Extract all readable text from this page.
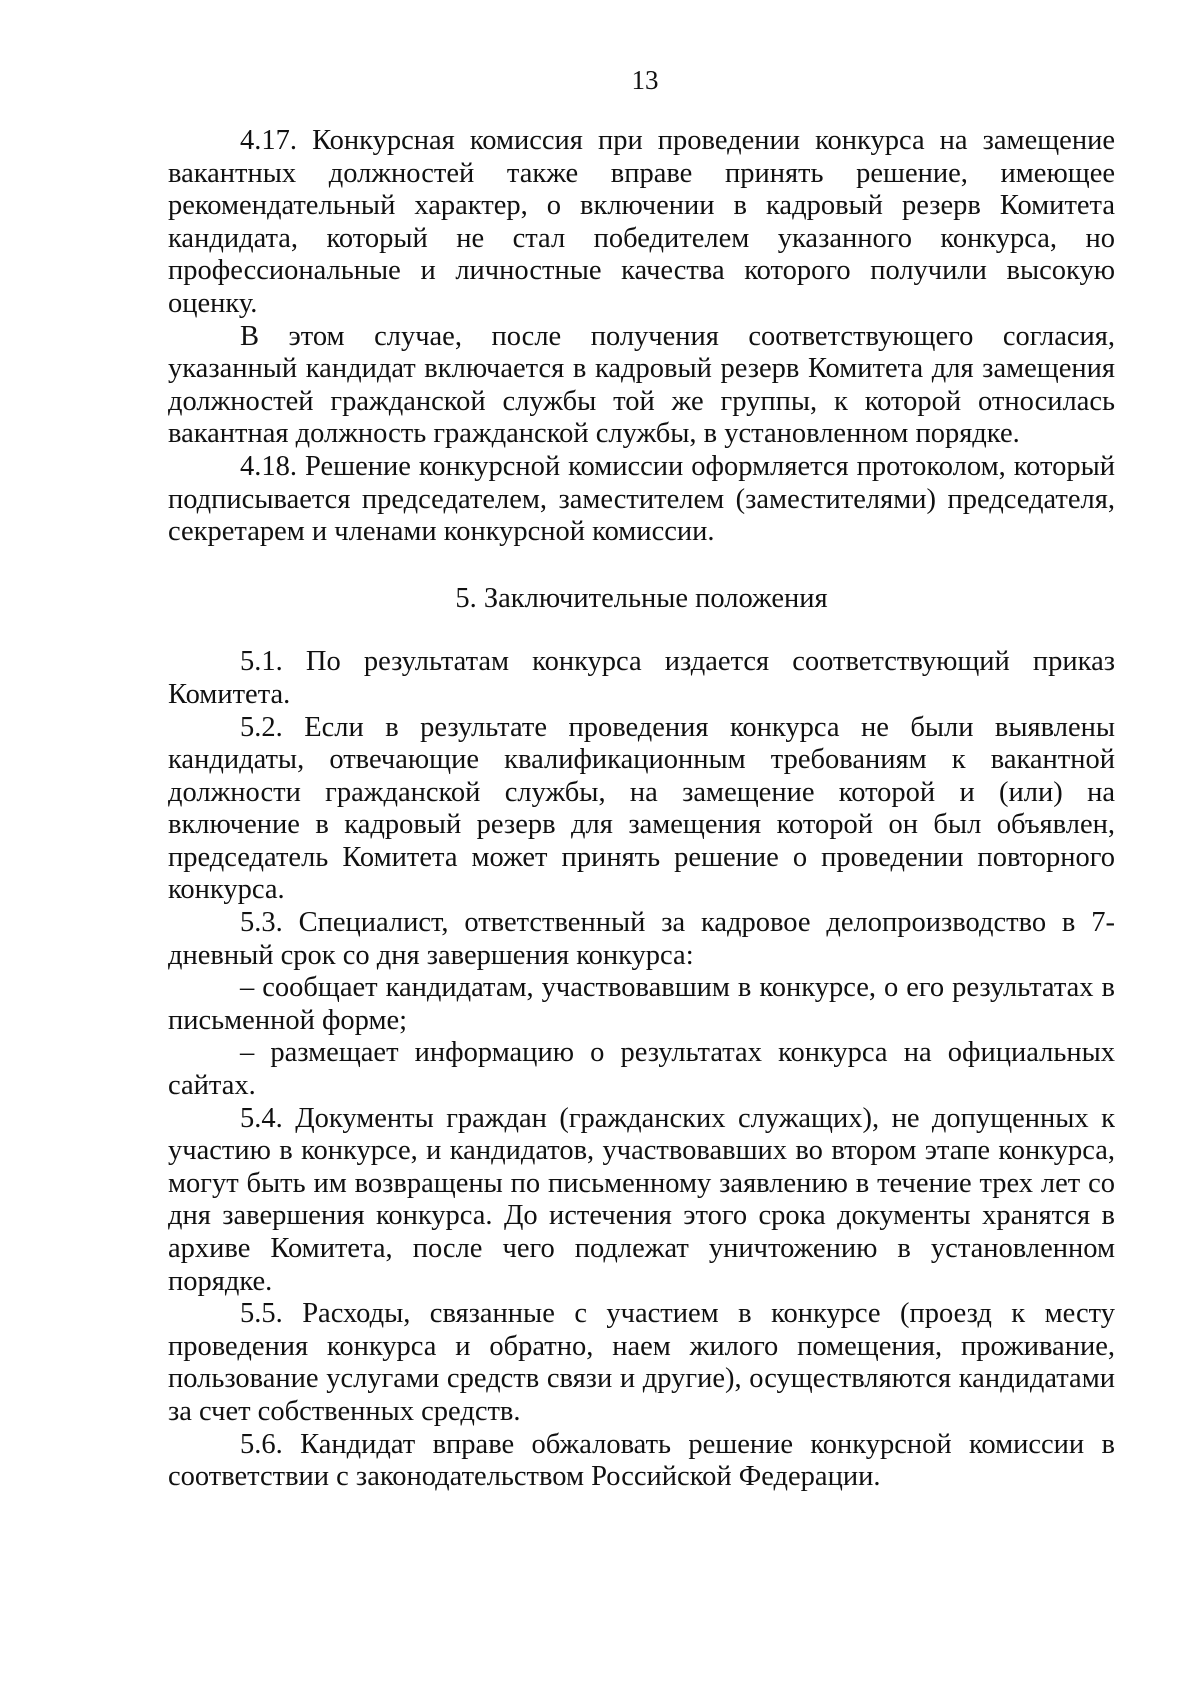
13

4.17. Конкурсная комиссия при проведении конкурса на замещение вакантных должностей также вправе принять решение, имеющее рекомендательный характер, о включении в кадровый резерв Комитета кандидата, который не стал победителем указанного конкурса, но профессиональные и личностные качества которого получили высокую оценку.

В этом случае, после получения соответствующего согласия, указанный кандидат включается в кадровый резерв Комитета для замещения должностей гражданской службы той же группы, к которой относилась вакантная должность гражданской службы, в установленном порядке.

4.18. Решение конкурсной комиссии оформляется протоколом, который подписывается председателем, заместителем (заместителями) председателя, секретарем и членами конкурсной комиссии.

5. Заключительные положения

5.1. По результатам конкурса издается соответствующий приказ Комитета.

5.2. Если в результате проведения конкурса не были выявлены кандидаты, отвечающие квалификационным требованиям к вакантной должности гражданской службы, на замещение которой и (или) на включение в кадровый резерв для замещения которой он был объявлен, председатель Комитета может принять решение о проведении повторного конкурса.

5.3. Специалист, ответственный за кадровое делопроизводство в 7-дневный срок со дня завершения конкурса:

– сообщает кандидатам, участвовавшим в конкурсе, о его результатах в письменной форме;

– размещает информацию о результатах конкурса на официальных сайтах.

5.4. Документы граждан (гражданских служащих), не допущенных к участию в конкурсе, и кандидатов, участвовавших во втором этапе конкурса, могут быть им возвращены по письменному заявлению в течение трех лет со дня завершения конкурса. До истечения этого срока документы хранятся в архиве Комитета, после чего подлежат уничтожению в установленном порядке.

5.5. Расходы, связанные с участием в конкурсе (проезд к месту проведения конкурса и обратно, наем жилого помещения, проживание, пользование услугами средств связи и другие), осуществляются кандидатами за счет собственных средств.

5.6. Кандидат вправе обжаловать решение конкурсной комиссии в соответствии с законодательством Российской Федерации.
